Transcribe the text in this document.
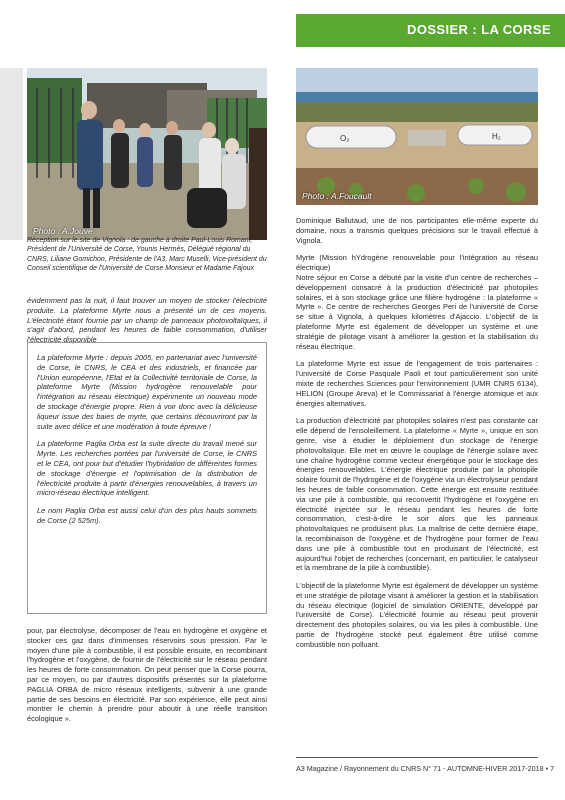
DOSSIER : LA CORSE
Photo : A.Jouve
O₂	H₂
Photo : A.Foucault
Réception sur le site de Vignola : de gauche à droite Paul-Louis Romani, Président de l'Université de Corse, Younis Hermès, Délégué régional du CNRS, Liliane Gomichon, Présidente de l'A3, Marc Muselli, Vice-président du Conseil scientifique de l'Université de Corse Monsieur et Madame Fajoux

évidemment pas la nuit, il faut trouver un moyen de stocker l'électricité produite. La plateforme Myrte nous a présenté un de ces moyens. L'électricité étant fournie par un champ de panneaux photovoltaïques, il s'agit d'abord, pendant les heures de faible consommation, d'utiliser l'électricité disponible

La plateforme Myrte : depuis 2005, en partenariat avec l'université de Corse, le CNRS, le CEA et des industriels, et financée par l'Union européenne, l'Etat et la Collectivité territoriale de Corse, la plateforme Myrte (Mission hydrogène renouvelable pour l'intégration au réseau électrique) expérimente un nouveau mode de stockage d'énergie propre. Rien à voir donc avec la délicieuse liqueur issue des baies de myrte, que certains découvriront par la suite avec délice et une modération à toute épreuve !

La plateforme Paglia Orba est la suite directe du travail mené sur Myrte. Les recherches portées par l'université de Corse, le CNRS et le CEA, ont pour but d'étudier l'hybridation de différentes formes de stockage d'énergie et l'optimisation de la distribution de l'électricité produite à partir d'énergies renouvelables, à travers un micro-réseau électrique intelligent.

Le nom Paglia Orba est aussi celui d'un des plus hauts sommets de Corse (2 525m).

pour, par électrolyse, décomposer de l'eau en hydrogène et oxygène et stocker ces gaz dans d'immenses réservoirs sous pression. Par le moyen d'une pile à combustible, il est possible ensuite, en recombinant l'hydrogène et l'oxygène, de fournir de l'électricité sur le réseau pendant les heures de forte consommation. On peut penser que la Corse pourra, par ce moyen, ou par d'autres dispositifs présentés sur la plateforme PAGLIA ORBA de micro réseaux intelligents, subvenir à une grande partie de ses besoins en électricité. Par son expérience, elle peut ainsi montrer le chemin à prendre pour aboutir à une réelle transition écologique ».

Dominique Ballutaud, une de nos participantes elle-même experte du domaine, nous a transmis quelques précisions sur le travail effectué à Vignola.

Myrte (Mission hYdrogène renouvelable pour l'intégration au réseau électrique)

Notre séjour en Corse a débuté par la visite d'un centre de recherches – développement consacré à la production d'électricité par photopiles solaires, et à son stockage grâce une filière hydrogène : la plateforme « Myrte ». Ce centre de recherches Georges Peri de l'université de Corse se situe à Vignola, à quelques kilomètres d'Ajaccio. L'objectif de la plateforme Myrte est également de développer un système et une stratégie de pilotage visant à améliorer la gestion et la stabilisation du réseau électrique.

La plateforme Myrte est issue de l'engagement de trois partenaires : l'université de Corse Pasquale Paoli et tout particulièrement son unité mixte de recherches Sciences pour l'environnement (UMR CNRS 6134), HELION (Groupe Areva) et le Commissariat à l'énergie atomique et aux énergies alternatives.

La production d'électricité par photopiles solaires n'est pas constante car elle dépend de l'ensoleillement. La plateforme « Myrte », unique en son genre, vise à étudier le déploiement d'un stockage de l'énergie photovoltaïque. Elle met en œuvre le couplage de l'énergie solaire avec une chaîne hydrogène comme vecteur énergétique pour le stockage des énergies renouvelables. L'énergie électrique produite par la photopile solaire fournit de l'hydrogène et de l'oxygène via un électrolyseur pendant les heures de faible consommation. Cette énergie est ensuite restituée via une pile à combustible, qui reconvertit l'hydrogène et l'oxygène en électricité injectée sur le réseau pendant les heures de forte consommation, c'est-à-dire le soir alors que les panneaux photovoltaïques ne produisent plus. La maîtrise de cette dernière étape, la recombinaison de l'oxygène et de l'hydrogène pour former de l'eau dans une pile à combustible tout en produisant de l'électricité, est aujourd'hui l'objet de recherches (concernant, en particulier, le catalyseur et la membrane de la pile à combustible).

L'objectif de la plateforme Myrte est également de développer un système et une stratégie de pilotage visant à améliorer la gestion et la stabilisation du réseau électrique (logiciel de simulation ORIENTE, développé par l'université de Corse). L'électricité fournie au réseau peut provenir directement des photopiles solaires, ou via les piles à combustible. Une partie de l'hydrogène stocké peut également être utilisé comme combustible non polluant.

A3 Magazine / Rayonnement du CNRS N° 71 - AUTOMNE-HIVER 2017-2018 • 7
